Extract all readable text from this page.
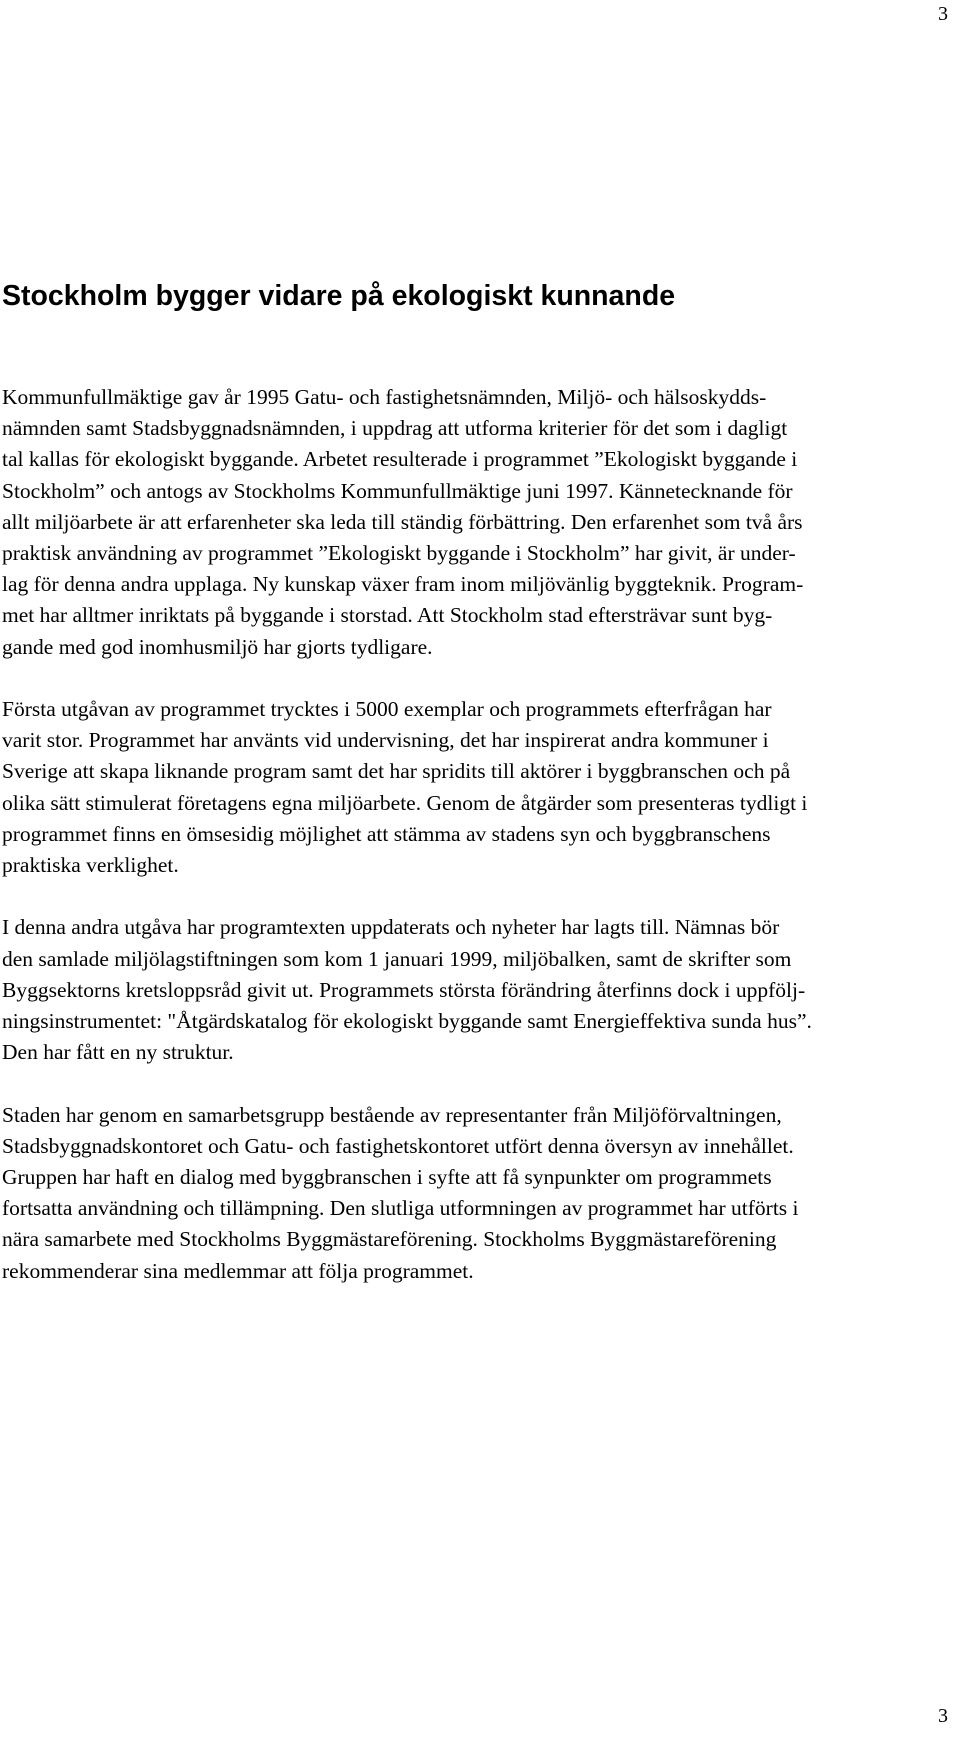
3
Stockholm bygger vidare på ekologiskt kunnande

Kommunfullmäktige gav år 1995 Gatu- och fastighetsnämnden, Miljö- och hälsoskydds-
nämnden samt Stadsbyggnadsnämnden, i uppdrag att utforma kriterier för det som i dagligt
tal kallas för ekologiskt byggande. Arbetet resulterade i programmet ”Ekologiskt byggande i
Stockholm” och antogs av Stockholms Kommunfullmäktige juni 1997. Kännetecknande för
allt miljöarbete är att erfarenheter ska leda till ständig förbättring. Den erfarenhet som två års
praktisk användning av programmet ”Ekologiskt byggande i Stockholm” har givit, är under-
lag för denna andra upplaga. Ny kunskap växer fram inom miljövänlig byggteknik. Program-
met har alltmer inriktats på byggande i storstad. Att Stockholm stad eftersträvar sunt byg-
gande med god inomhusmiljö har gjorts tydligare.

Första utgåvan av programmet trycktes i 5000 exemplar och programmets efterfrågan har
varit stor. Programmet har använts vid undervisning, det har inspirerat andra kommuner i
Sverige att skapa liknande program samt det har spridits till aktörer i byggbranschen och på
olika sätt stimulerat företagens egna miljöarbete. Genom de åtgärder som presenteras tydligt i
programmet finns en ömsesidig möjlighet att stämma av stadens syn och byggbranschens
praktiska verklighet.

I denna andra utgåva har programtexten uppdaterats och nyheter har lagts till. Nämnas bör
den samlade miljölagstiftningen som kom 1 januari 1999, miljöbalken, samt de skrifter som
Byggsektorns kretsloppsråd givit ut. Programmets största förändring återfinns dock i uppfölj-
ningsinstrumentet: "Åtgärdskatalog för ekologiskt byggande samt Energieffektiva sunda hus”.
Den har fått en ny struktur.

Staden har genom en samarbetsgrupp bestående av representanter från Miljöförvaltningen,
Stadsbyggnadskontoret och Gatu- och fastighetskontoret utfört denna översyn av innehållet.
Gruppen har haft en dialog med byggbranschen i syfte att få synpunkter om programmets
fortsatta användning och tillämpning. Den slutliga utformningen av programmet har utförts i
nära samarbete med Stockholms Byggmästareförening. Stockholms Byggmästareförening
rekommenderar sina medlemmar att följa programmet.

3
